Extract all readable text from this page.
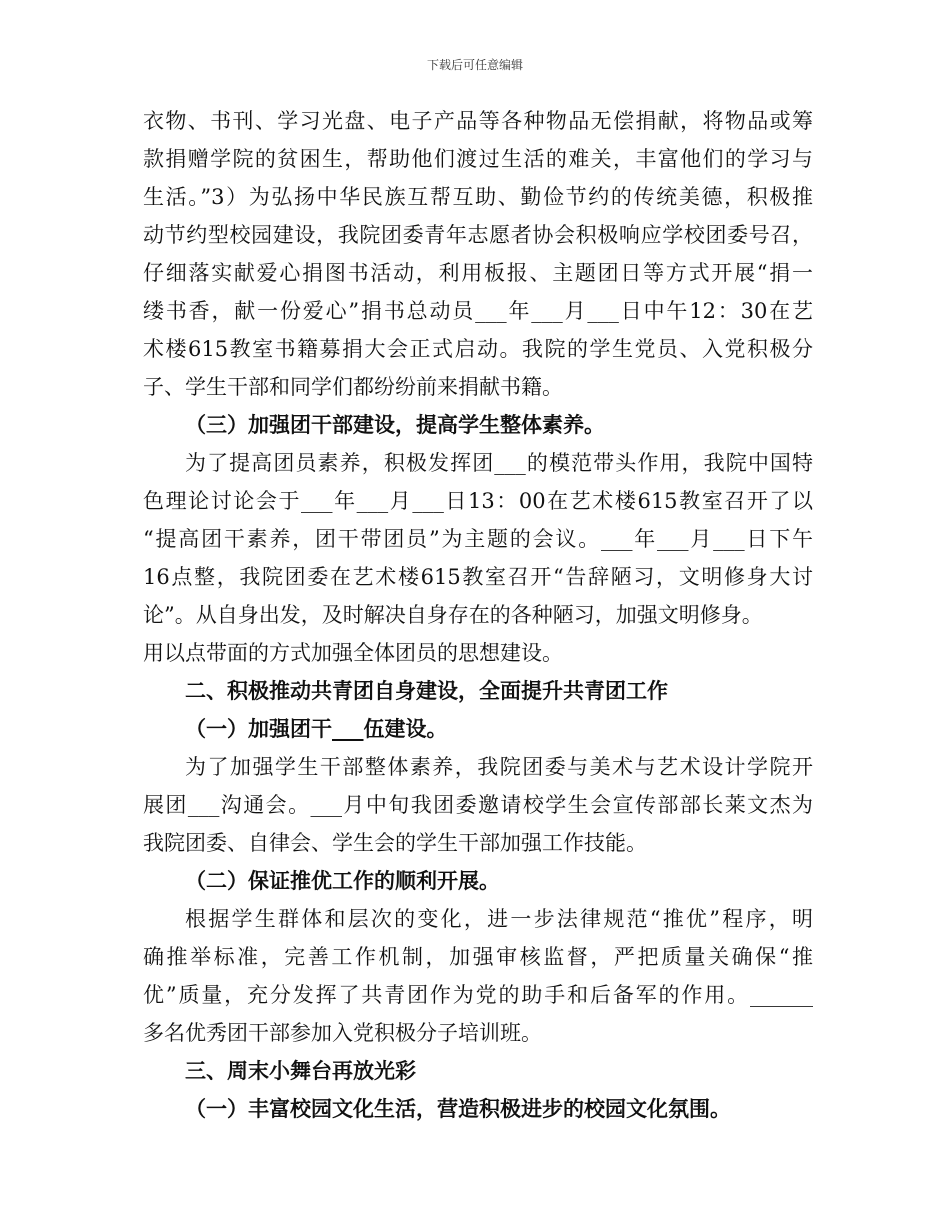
下载后可任意编辑
衣物、书刊、学习光盘、电子产品等各种物品无偿捐献，将物品或筹
款捐赠学院的贫困生，帮助他们渡过生活的难关，丰富他们的学习与
生活。”3）为弘扬中华民族互帮互助、勤俭节约的传统美德，积极推
动节约型校园建设，我院团委青年志愿者协会积极响应学校团委号召，
仔细落实献爱心捐图书活动，利用板报、主题团日等方式开展“捐一
缕书香，献一份爱心”捐书总动员___年___月___日中午12：30在艺
术楼615教室书籍募捐大会正式启动。我院的学生党员、入党积极分
子、学生干部和同学们都纷纷前来捐献书籍。
（三）加强团干部建设，提高学生整体素养。
为了提高团员素养，积极发挥团___的模范带头作用，我院中国特
色理论讨论会于___年___月___日13：00在艺术楼615教室召开了以
“提高团干素养，团干带团员”为主题的会议。___年___月___日下午
16点整，我院团委在艺术楼615教室召开“告辞陋习，文明修身大讨
论”。从自身出发，及时解决自身存在的各种陋习，加强文明修身。
用以点带面的方式加强全体团员的思想建设。
二、积极推动共青团自身建设，全面提升共青团工作
（一）加强团干___伍建设。
为了加强学生干部整体素养，我院团委与美术与艺术设计学院开
展团___沟通会。___月中旬我团委邀请校学生会宣传部部长莱文杰为
我院团委、自律会、学生会的学生干部加强工作技能。
（二）保证推优工作的顺利开展。
根据学生群体和层次的变化，进一步法律规范“推优”程序，明
确推举标准，完善工作机制，加强审核监督，严把质量关确保“推
优”质量，充分发挥了共青团作为党的助手和后备军的作用。______
多名优秀团干部参加入党积极分子培训班。
三、周末小舞台再放光彩
（一）丰富校园文化生活，营造积极进步的校园文化氛围。
